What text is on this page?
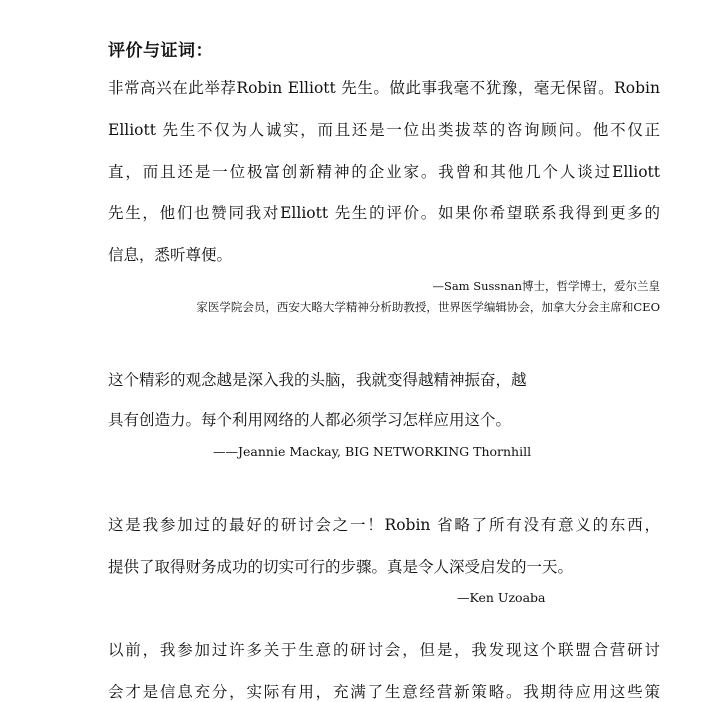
评价与证词：
非常高兴在此举荐Robin Elliott 先生。做此事我毫不犹豫，毫无保留。Robin
Elliott 先生不仅为人诚实，而且还是一位出类拔萃的咨询顾问。他不仅正
直，而且还是一位极富创新精神的企业家。我曾和其他几个人谈过Elliott
先生，他们也赞同我对Elliott 先生的评价。如果你希望联系我得到更多的
信息，悉听尊便。
—Sam Sussnan博士，哲学博士，爱尔兰皇
家医学院会员，西安大略大学精神分析助教授，世界医学编辑协会，加拿大分会主席和CEO
这个精彩的观念越是深入我的头脑，我就变得越精神振奋，越
具有创造力。每个利用网络的人都必须学习怎样应用这个。
——Jeannie Mackay, BIG NETWORKING Thornhill
这是我参加过的最好的研讨会之一！Robin 省略了所有没有意义的东西，
提供了取得财务成功的切实可行的步骤。真是令人深受启发的一天。
—Ken Uzoaba
以前，我参加过许多关于生意的研讨会，但是，我发现这个联盟合营研讨
会才是信息充分，实际有用，充满了生意经营新策略。我期待应用这些策
